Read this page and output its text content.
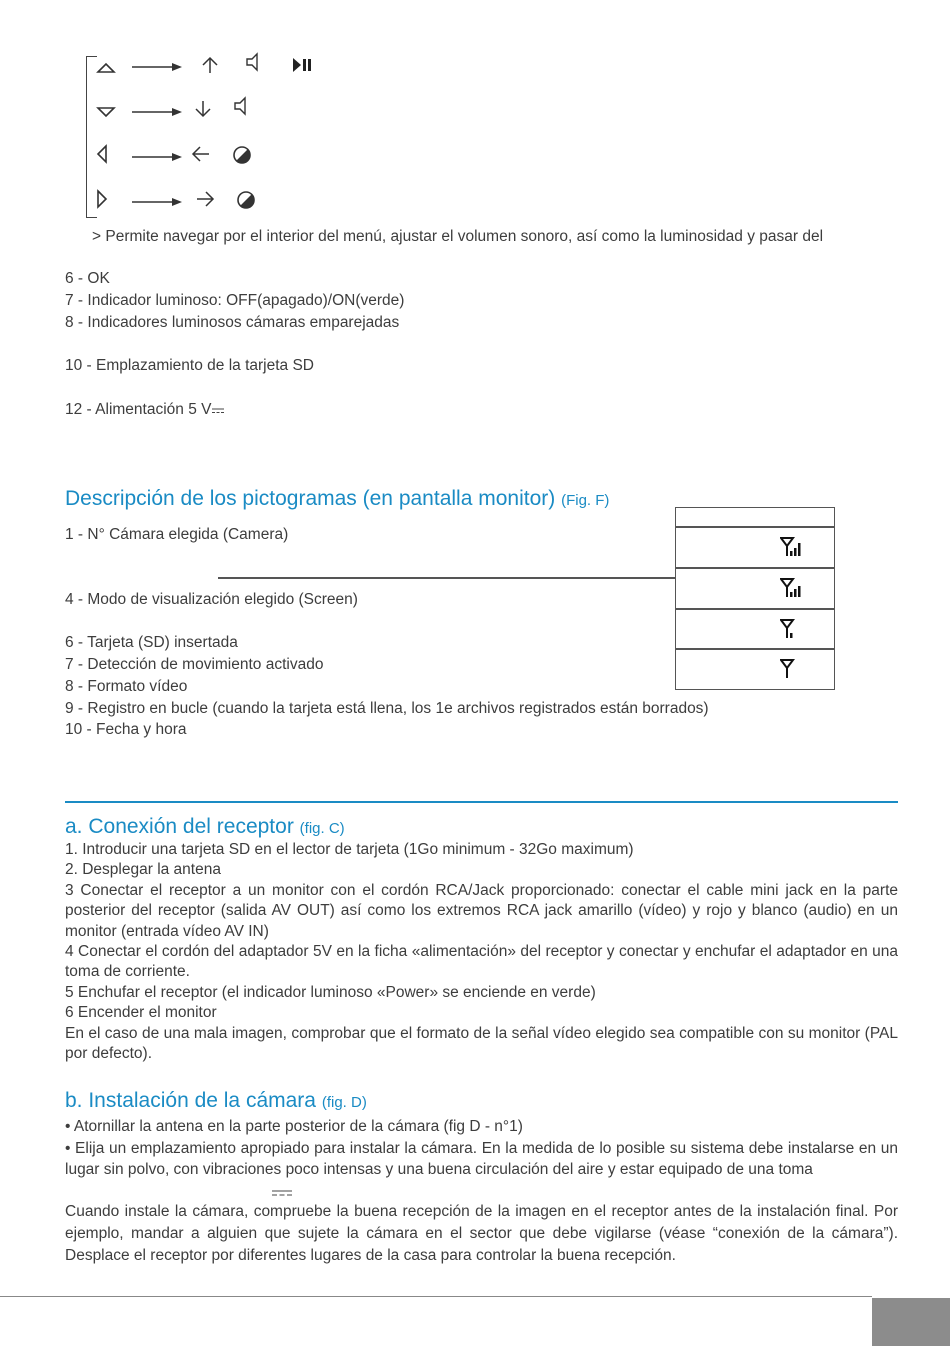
> Permite navegar por el interior del menú, ajustar el volumen sonoro, así como la luminosidad y pasar del
6 - OK
7 - Indicador luminoso: OFF(apagado)/ON(verde)
8 - Indicadores luminosos cámaras emparejadas
10 - Emplazamiento de la tarjeta SD
12 - Alimentación 5 V
Descripción de los pictogramas (en pantalla monitor) (Fig. F)
1 - N° Cámara elegida (Camera)
4 - Modo de visualización elegido (Screen)
6 - Tarjeta (SD) insertada
7 - Detección de movimiento activado
8 - Formato vídeo
9 - Registro en bucle (cuando la tarjeta está llena, los 1e archivos registrados están borrados)
10 - Fecha y hora
a. Conexión del receptor (fig. C)
1. Introducir una tarjeta SD en el lector de tarjeta (1Go minimum - 32Go maximum)
2. Desplegar la antena
3 Conectar el receptor a un monitor con el cordón RCA/Jack proporcionado: conectar el cable mini jack en la parte posterior del receptor (salida AV OUT) así como los extremos RCA jack amarillo (vídeo) y rojo y blanco (audio) en un monitor (entrada vídeo AV IN)
4 Conectar el cordón del adaptador 5V en la ficha «alimentación» del receptor y conectar y enchufar el adaptador en una toma de corriente.
5 Enchufar el receptor (el indicador luminoso «Power» se enciende en verde)
6 Encender el monitor
En el caso de una mala imagen, comprobar que el formato de la señal vídeo elegido sea compatible con su monitor (PAL por defecto).
b. Instalación de la cámara (fig. D)
• Atornillar la antena en la parte posterior de la cámara (fig D - n°1)
• Elija un emplazamiento apropiado para instalar la cámara. En la medida de lo posible su sistema debe instalarse en un lugar sin polvo, con vibraciones poco intensas y una buena circulación del aire y estar equipado de una toma
Cuando instale la cámara, compruebe la buena recepción de la imagen en el receptor antes de la instalación final. Por ejemplo, mandar a alguien que sujete la cámara en el sector que debe vigilarse (véase “conexión de la cámara”). Desplace el receptor por diferentes lugares de la casa para controlar la buena recepción.
